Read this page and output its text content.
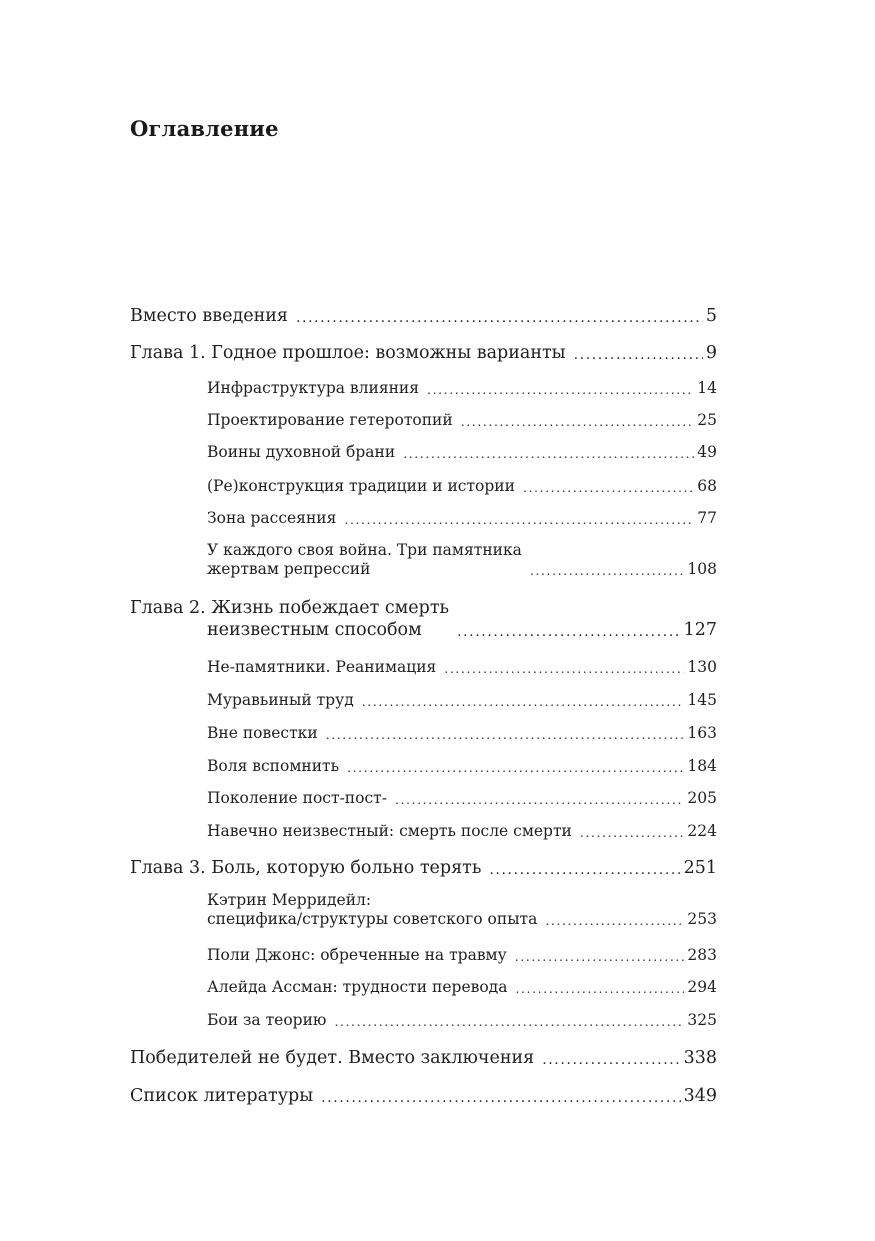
Оглавление
Вместо введения .....	5
Глава 1. Годное прошлое: возможны варианты .....	9
Инфраструктура влияния .....	14
Проектирование гетеротопий .....	25
Воины духовной брани .....	49
(Ре)конструкция традиции и истории .....	68
Зона рассеяния .....	77
У каждого своя война. Три памятника
жертвам репрессий .....	108
Глава 2. Жизнь побеждает смерть
неизвестным способом .....	127
Не-памятники. Реанимация .....	130
Муравьиный труд .....	145
Вне повестки .....	163
Воля вспомнить .....	184
Поколение пост-пост- .....	205
Навечно неизвестный: смерть после смерти .....	224
Глава 3. Боль, которую больно терять .....	251
Кэтрин Мерридейл:
специфика/структуры советского опыта .....	253
Поли Джонс: обреченные на травму .....	283
Алейда Ассман: трудности перевода .....	294
Бои за теорию .....	325
Победителей не будет. Вместо заключения .....	338
Список литературы .....	349
